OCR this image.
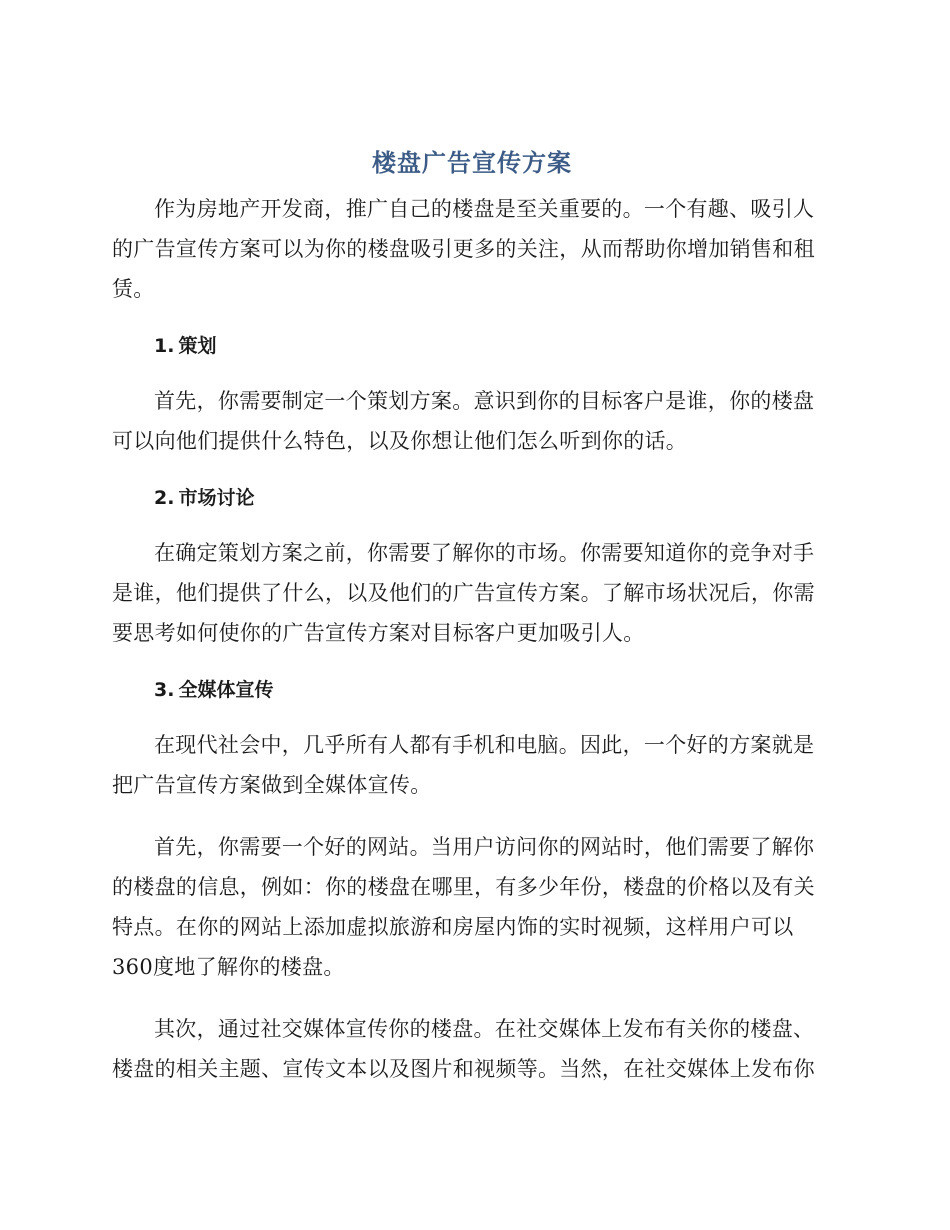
楼盘广告宣传方案

作为房地产开发商，推广自己的楼盘是至关重要的。一个有趣、吸引人的广告宣传方案可以为你的楼盘吸引更多的关注，从而帮助你增加销售和租赁。

1. 策划

首先，你需要制定一个策划方案。意识到你的目标客户是谁，你的楼盘可以向他们提供什么特色，以及你想让他们怎么听到你的话。

2. 市场讨论

在确定策划方案之前，你需要了解你的市场。你需要知道你的竞争对手是谁，他们提供了什么，以及他们的广告宣传方案。了解市场状况后，你需要思考如何使你的广告宣传方案对目标客户更加吸引人。

3. 全媒体宣传

在现代社会中，几乎所有人都有手机和电脑。因此，一个好的方案就是把广告宣传方案做到全媒体宣传。

首先，你需要一个好的网站。当用户访问你的网站时，他们需要了解你的楼盘的信息，例如：你的楼盘在哪里，有多少年份，楼盘的价格以及有关特点。在你的网站上添加虚拟旅游和房屋内饰的实时视频，这样用户可以360度地了解你的楼盘。

其次，通过社交媒体宣传你的楼盘。在社交媒体上发布有关你的楼盘、楼盘的相关主题、宣传文本以及图片和视频等。当然，在社交媒体上发布你
